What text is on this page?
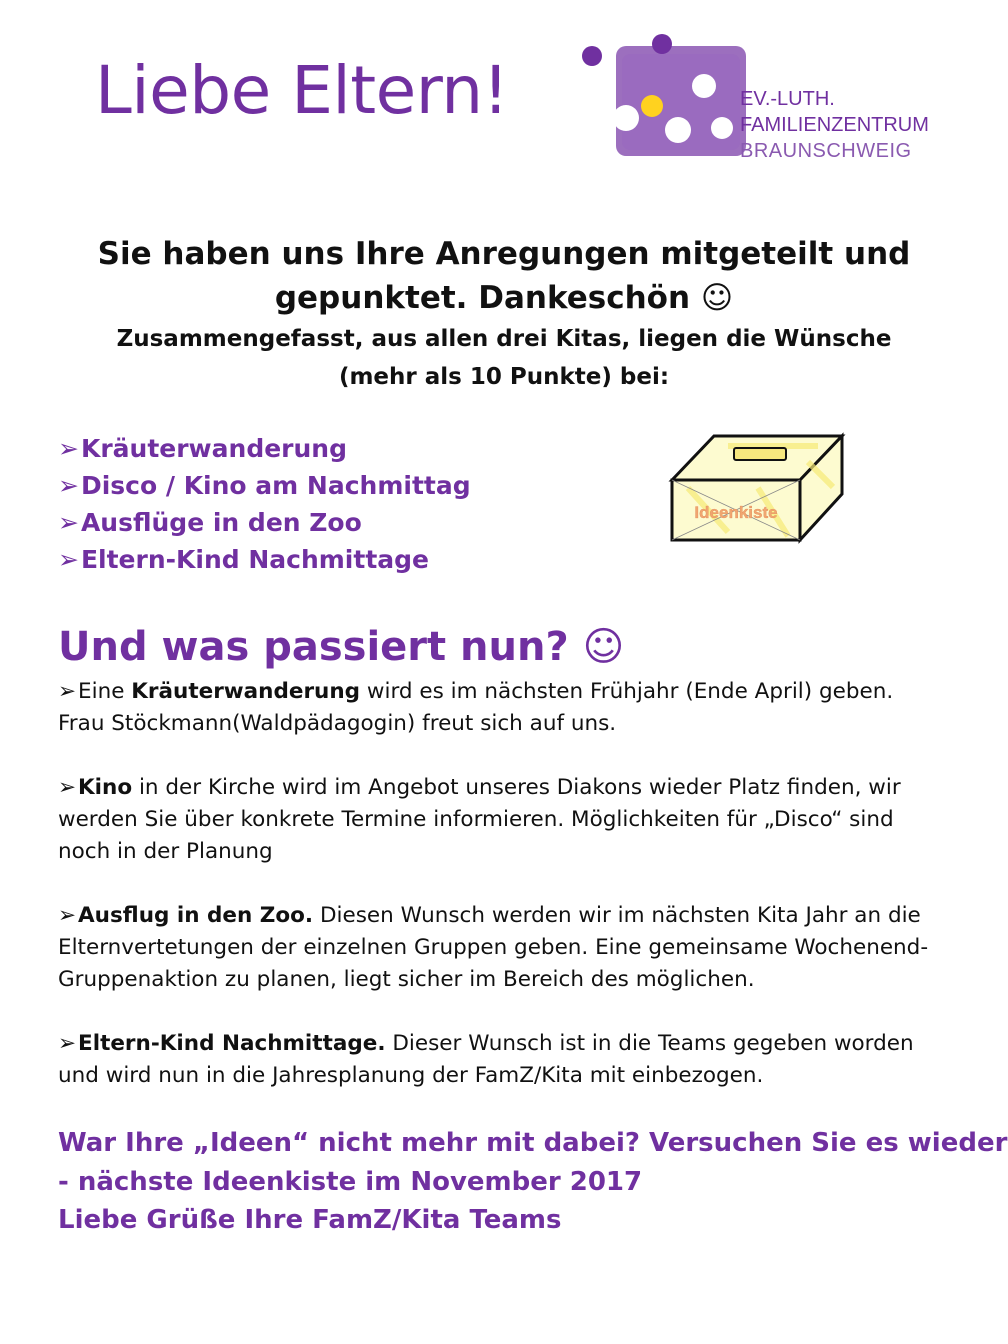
Liebe Eltern!	EV.-LUTH.
FAMILIENZENTRUM
BRAUNSCHWEIG
Sie haben uns Ihre Anregungen mitgeteilt und
gepunktet. Dankeschön ☺
Zusammengefasst, aus allen drei Kitas, liegen die Wünsche
(mehr als 10 Punkte) bei:
➢Kräuterwanderung
➢Disco / Kino am Nachmittag
➢Ausflüge in den Zoo
➢Eltern-Kind Nachmittage
Ideenkiste
Und was passiert nun? ☺

➢Eine Kräuterwanderung wird es im nächsten Frühjahr (Ende April) geben.
Frau Stöckmann(Waldpädagogin) freut sich auf uns.

➢Kino in der Kirche wird im Angebot unseres Diakons wieder Platz finden, wir werden Sie über konkrete Termine informieren. Möglichkeiten für „Disco“ sind noch in der Planung

➢Ausflug in den Zoo. Diesen Wunsch werden wir im nächsten Kita Jahr an die Elternvertetungen der einzelnen Gruppen geben. Eine gemeinsame Wochenend-Gruppenaktion zu planen, liegt sicher im Bereich des möglichen.

➢Eltern-Kind Nachmittage. Dieser Wunsch ist in die Teams gegeben worden und wird nun in die Jahresplanung der FamZ/Kita mit einbezogen.

War Ihre „Ideen“ nicht mehr mit dabei? Versuchen Sie es wieder
- nächste Ideenkiste im November 2017
Liebe Grüße Ihre FamZ/Kita Teams
